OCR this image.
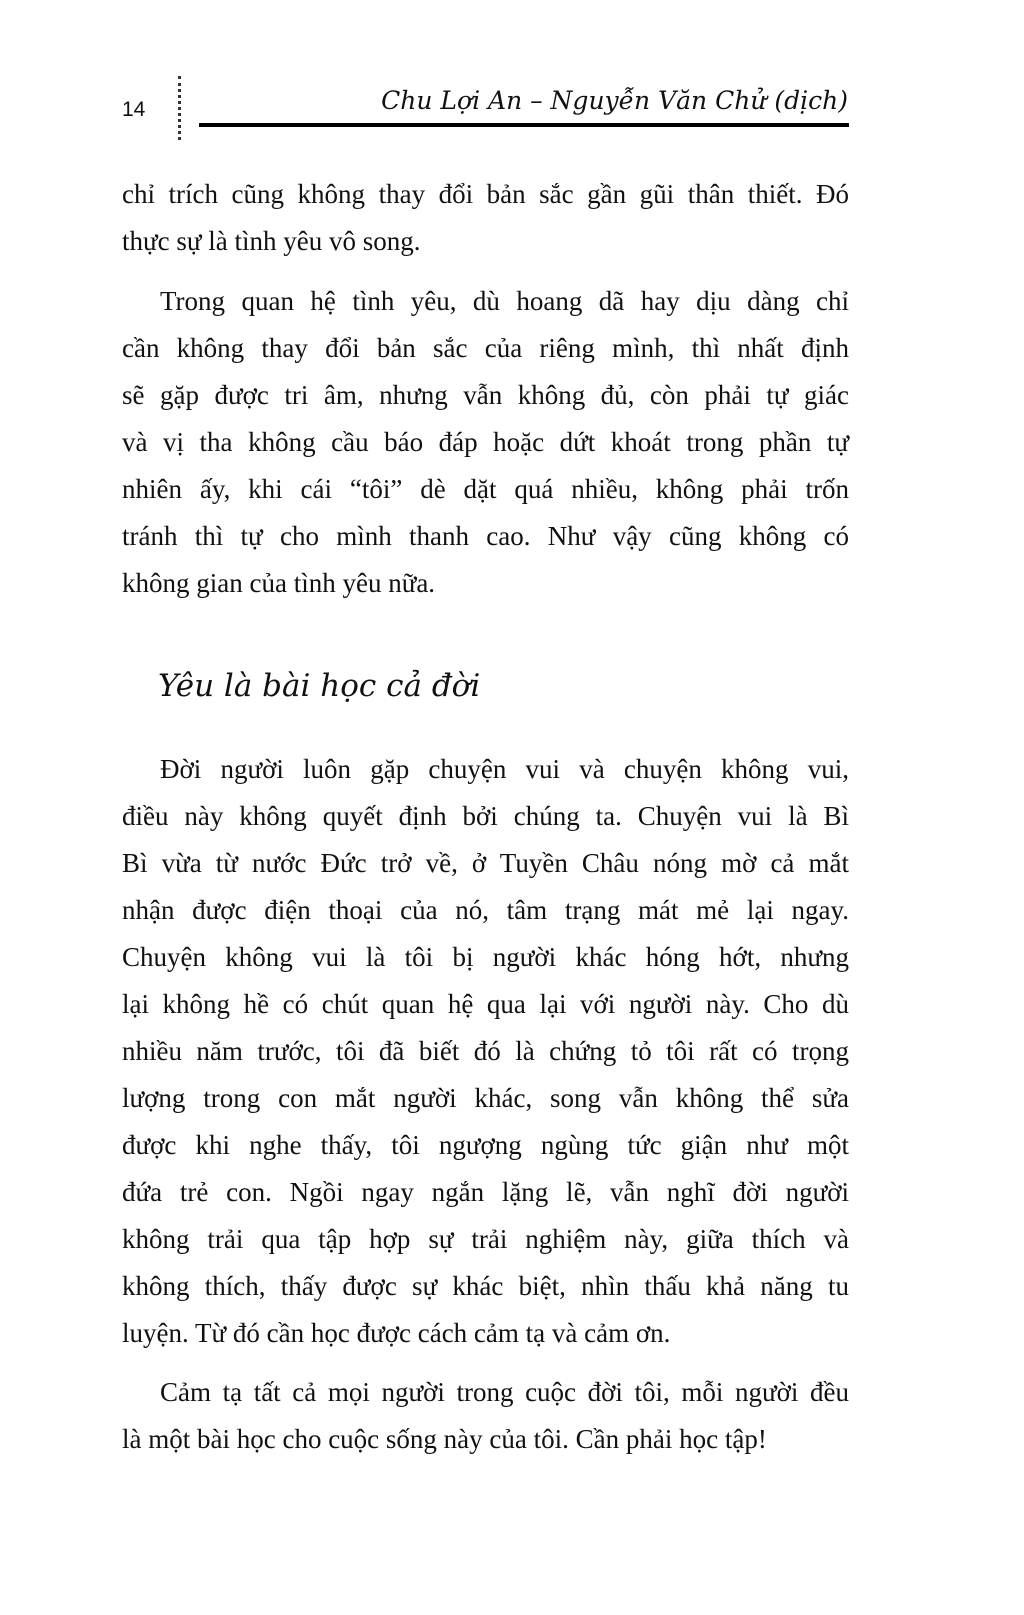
14	Chu Lợi An – Nguyễn Văn Chử (dịch)
chỉ trích cũng không thay đổi bản sắc gần gũi thân thiết. Đó
thực sự là tình yêu vô song.
Trong quan hệ tình yêu, dù hoang dã hay dịu dàng chỉ
cần không thay đổi bản sắc của riêng mình, thì nhất định
sẽ gặp được tri âm, nhưng vẫn không đủ, còn phải tự giác
và vị tha không cầu báo đáp hoặc dứt khoát trong phần tự
nhiên ấy, khi cái “tôi” dè dặt quá nhiều, không phải trốn
tránh thì tự cho mình thanh cao. Như vậy cũng không có
không gian của tình yêu nữa.
Yêu là bài học cả đời
Đời người luôn gặp chuyện vui và chuyện không vui,
điều này không quyết định bởi chúng ta. Chuyện vui là Bì
Bì vừa từ nước Đức trở về, ở Tuyền Châu nóng mờ cả mắt
nhận được điện thoại của nó, tâm trạng mát mẻ lại ngay.
Chuyện không vui là tôi bị người khác hóng hớt, nhưng
lại không hề có chút quan hệ qua lại với người này. Cho dù
nhiều năm trước, tôi đã biết đó là chứng tỏ tôi rất có trọng
lượng trong con mắt người khác, song vẫn không thể sửa
được khi nghe thấy, tôi ngượng ngùng tức giận như một
đứa trẻ con. Ngồi ngay ngắn lặng lẽ, vẫn nghĩ đời người
không trải qua tập hợp sự trải nghiệm này, giữa thích và
không thích, thấy được sự khác biệt, nhìn thấu khả năng tu
luyện. Từ đó cần học được cách cảm tạ và cảm ơn.
Cảm tạ tất cả mọi người trong cuộc đời tôi, mỗi người đều
là một bài học cho cuộc sống này của tôi. Cần phải học tập!
